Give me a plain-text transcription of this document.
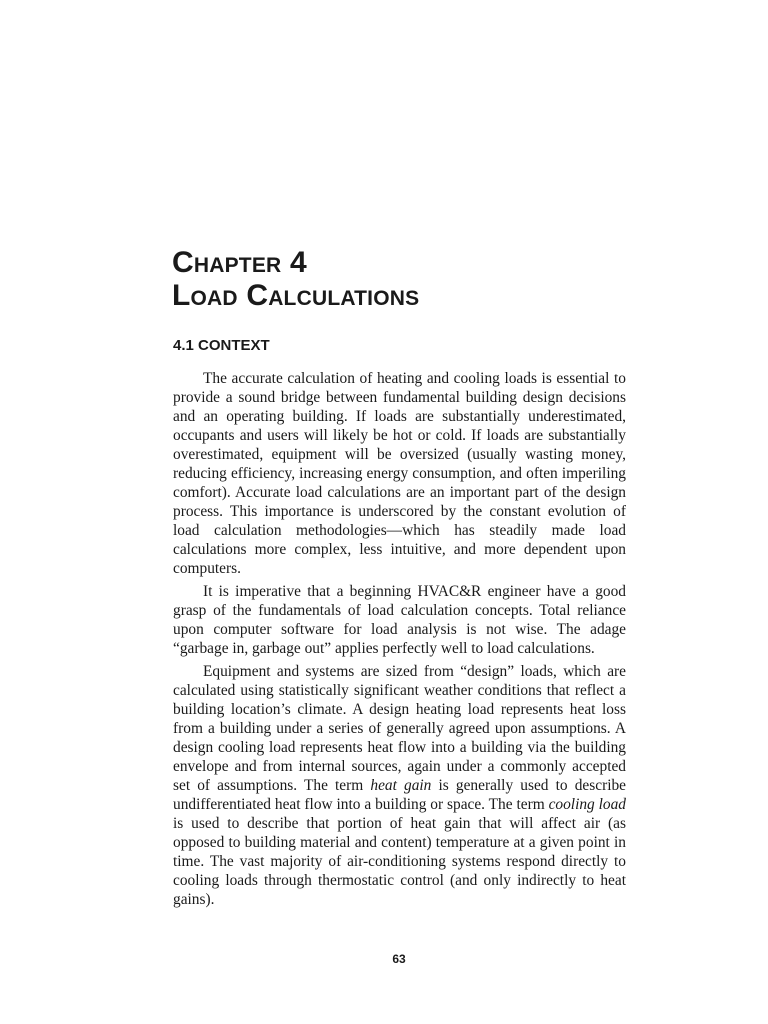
Chapter 4
Load Calculations
4.1 CONTEXT

The accurate calculation of heating and cooling loads is essential to provide a sound bridge between fundamental building design decisions and an operating building. If loads are substantially underestimated, occupants and users will likely be hot or cold. If loads are substantially overestimated, equipment will be oversized (usually wasting money, reducing efficiency, increasing energy consumption, and often imperiling comfort). Accurate load calculations are an important part of the design process. This importance is underscored by the constant evolution of load calculation methodologies—which has steadily made load calculations more complex, less intuitive, and more dependent upon computers.

It is imperative that a beginning HVAC&R engineer have a good grasp of the fundamentals of load calculation concepts. Total reliance upon computer software for load analysis is not wise. The adage “garbage in, garbage out” applies perfectly well to load calculations.

Equipment and systems are sized from “design” loads, which are calculated using statistically significant weather conditions that reflect a building location’s climate. A design heating load represents heat loss from a building under a series of generally agreed upon assumptions. A design cooling load represents heat flow into a building via the building envelope and from internal sources, again under a commonly accepted set of assumptions. The term heat gain is generally used to describe undifferentiated heat flow into a building or space. The term cooling load is used to describe that portion of heat gain that will affect air (as opposed to building material and content) temperature at a given point in time. The vast majority of air-conditioning systems respond directly to cooling loads through thermostatic control (and only indirectly to heat gains).

63
